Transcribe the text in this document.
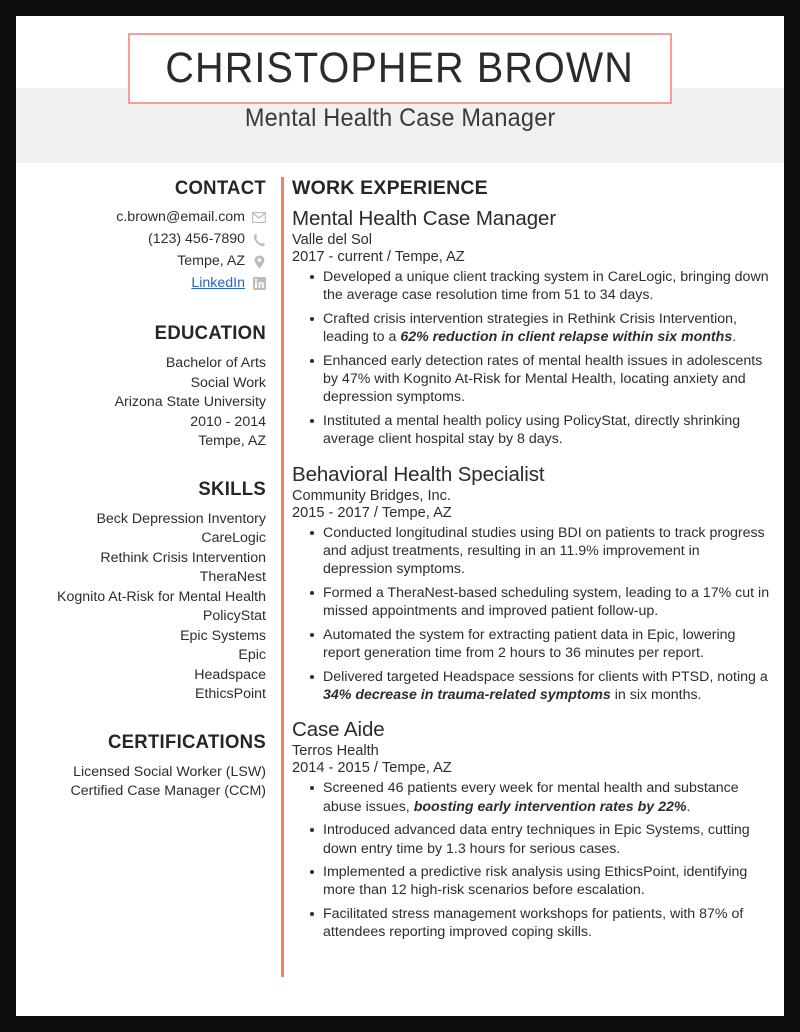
CHRISTOPHER BROWN
Mental Health Case Manager
CONTACT
c.brown@email.com
(123) 456-7890
Tempe, AZ
LinkedIn
EDUCATION
Bachelor of Arts
Social Work
Arizona State University
2010 - 2014
Tempe, AZ
SKILLS
Beck Depression Inventory
CareLogic
Rethink Crisis Intervention
TheraNest
Kognito At-Risk for Mental Health
PolicyStat
Epic Systems
Epic
Headspace
EthicsPoint
CERTIFICATIONS
Licensed Social Worker (LSW)
Certified Case Manager (CCM)
WORK EXPERIENCE
Mental Health Case Manager
Valle del Sol
2017 - current / Tempe, AZ
Developed a unique client tracking system in CareLogic, bringing down the average case resolution time from 51 to 34 days.
Crafted crisis intervention strategies in Rethink Crisis Intervention, leading to a 62% reduction in client relapse within six months.
Enhanced early detection rates of mental health issues in adolescents by 47% with Kognito At-Risk for Mental Health, locating anxiety and depression symptoms.
Instituted a mental health policy using PolicyStat, directly shrinking average client hospital stay by 8 days.
Behavioral Health Specialist
Community Bridges, Inc.
2015 - 2017 / Tempe, AZ
Conducted longitudinal studies using BDI on patients to track progress and adjust treatments, resulting in an 11.9% improvement in depression symptoms.
Formed a TheraNest-based scheduling system, leading to a 17% cut in missed appointments and improved patient follow-up.
Automated the system for extracting patient data in Epic, lowering report generation time from 2 hours to 36 minutes per report.
Delivered targeted Headspace sessions for clients with PTSD, noting a 34% decrease in trauma-related symptoms in six months.
Case Aide
Terros Health
2014 - 2015 / Tempe, AZ
Screened 46 patients every week for mental health and substance abuse issues, boosting early intervention rates by 22%.
Introduced advanced data entry techniques in Epic Systems, cutting down entry time by 1.3 hours for serious cases.
Implemented a predictive risk analysis using EthicsPoint, identifying more than 12 high-risk scenarios before escalation.
Facilitated stress management workshops for patients, with 87% of attendees reporting improved coping skills.
